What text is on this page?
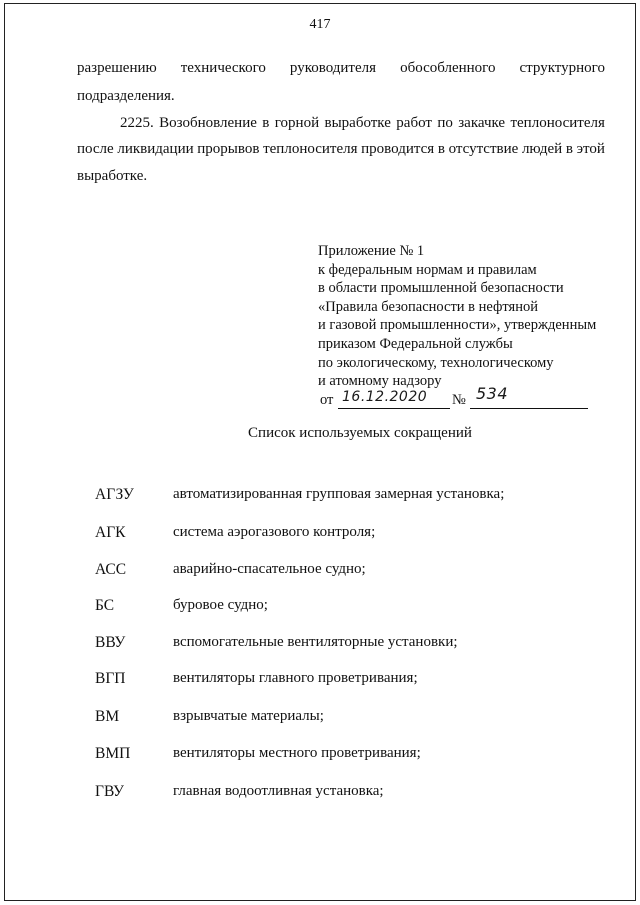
417
разрешению технического руководителя обособленного структурного
подразделения.
2225. Возобновление в горной выработке работ по закачке теплоносителя
после ликвидации прорывов теплоносителя проводится в отсутствие людей в этой
выработке.
Приложение № 1
к федеральным нормам и правилам
в области промышленной безопасности
«Правила безопасности в нефтяной
и газовой промышленности», утвержденным
приказом Федеральной службы
по экологическому, технологическому
и атомному надзору
от 16.12.2020 № 534
Список используемых сокращений
АГЗУ	автоматизированная групповая замерная установка;
АГК	система аэрогазового контроля;
АСС	аварийно-спасательное судно;
БС	буровое судно;
ВВУ	вспомогательные вентиляторные установки;
ВГП	вентиляторы главного проветривания;
ВМ	взрывчатые материалы;
ВМП	вентиляторы местного проветривания;
ГВУ	главная водоотливная установка;
